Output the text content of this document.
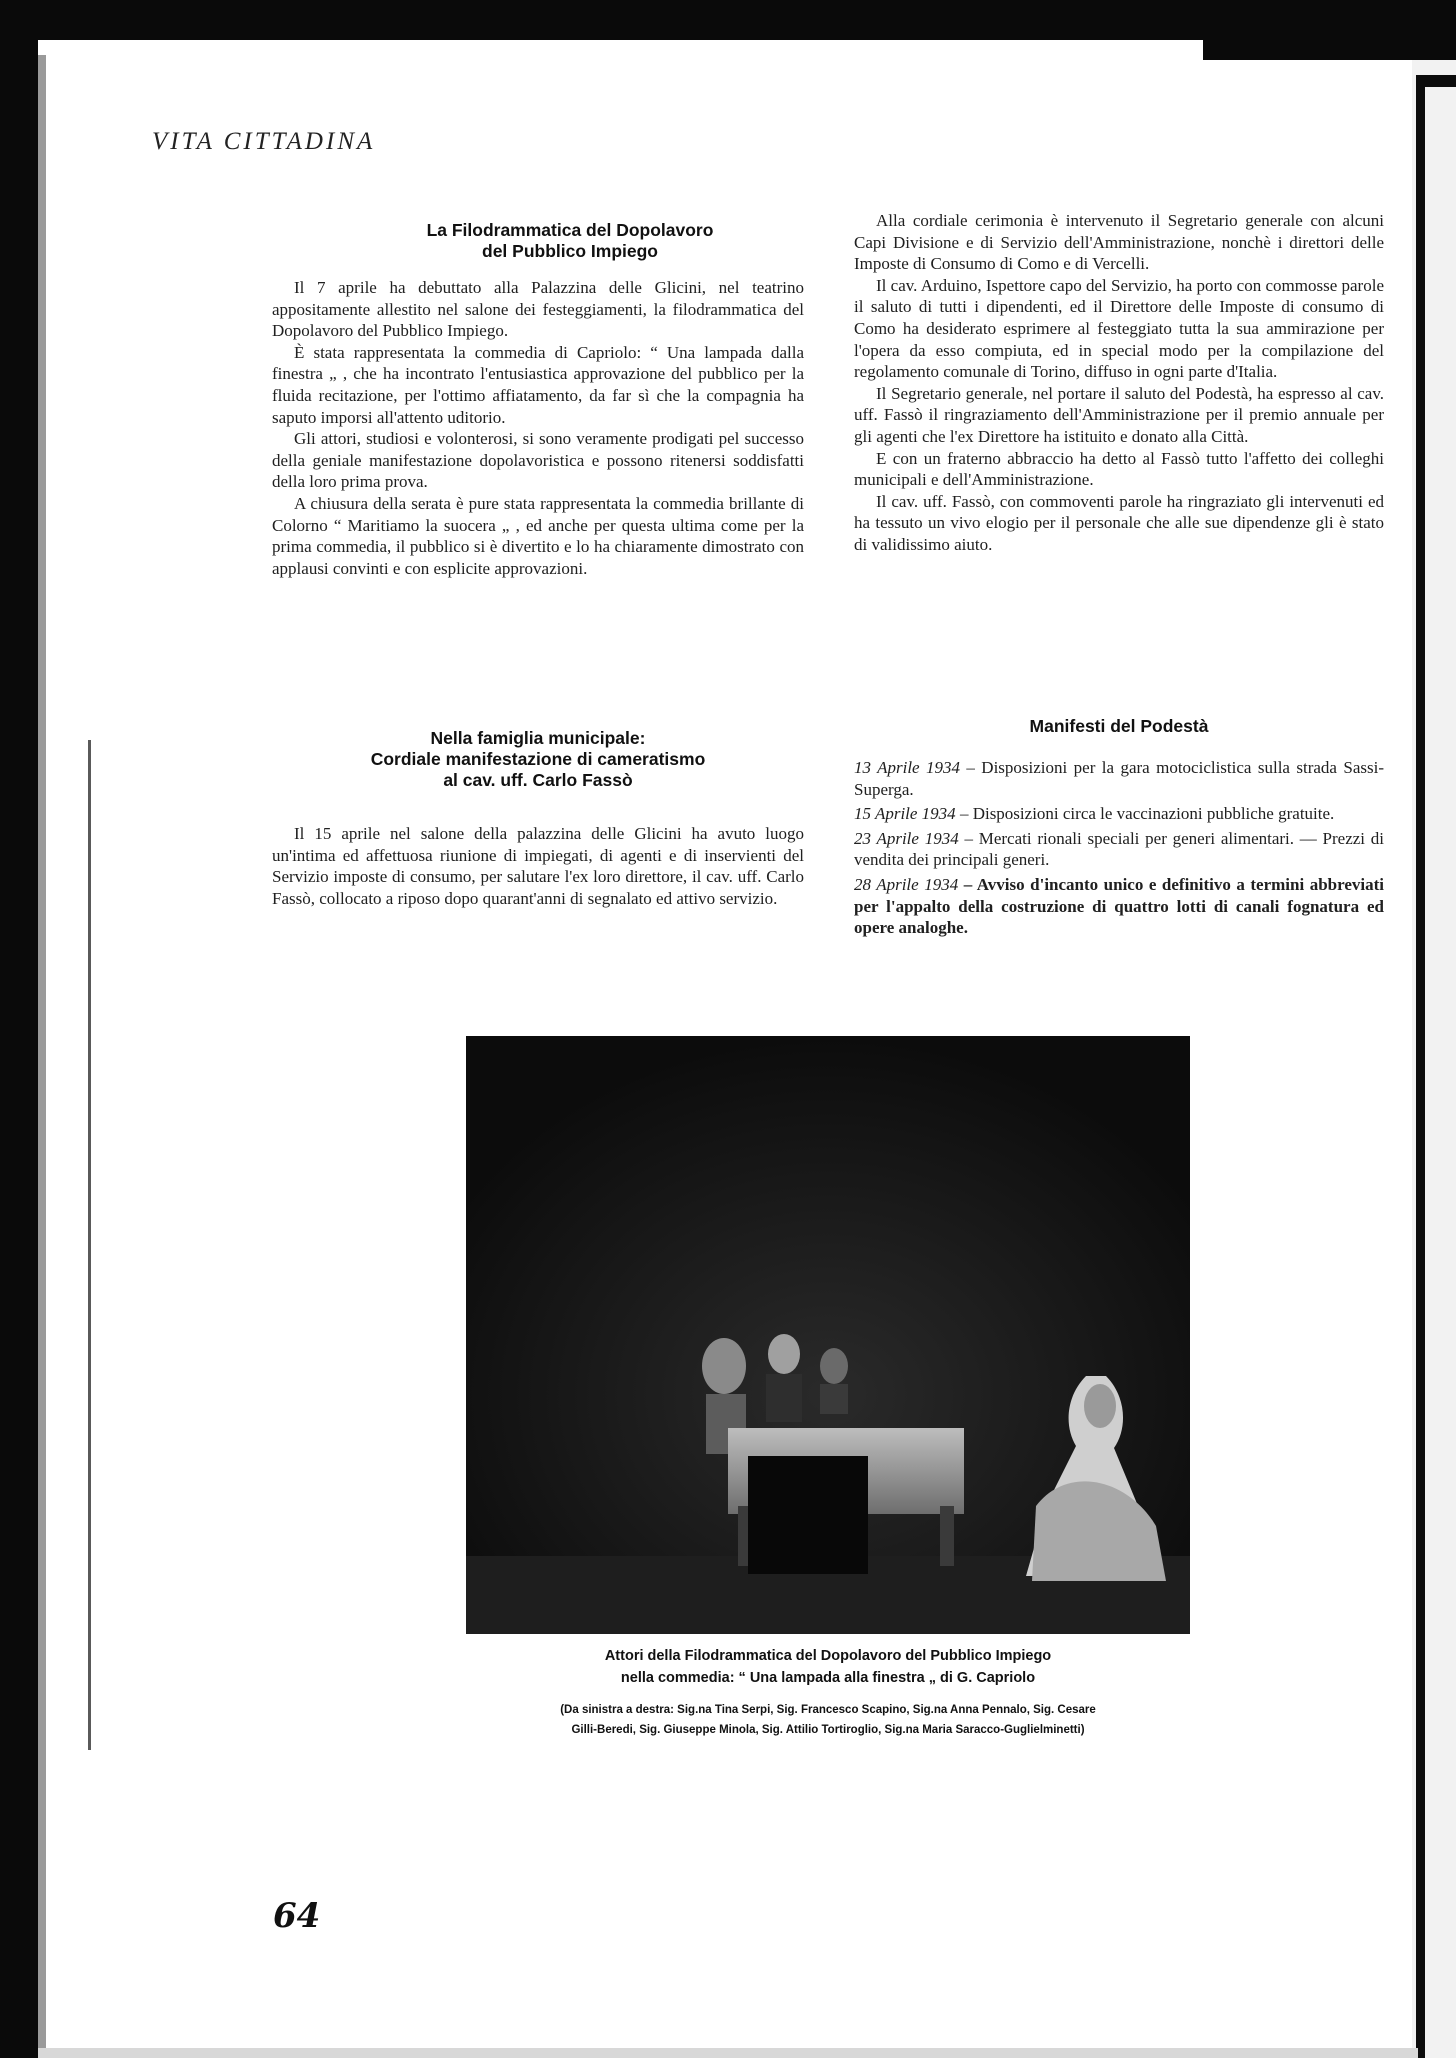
VITA CITTADINA

La Filodrammatica del Dopolavoro

del Pubblico Impiego

Il 7 aprile ha debuttato alla Palazzina delle Glicini, nel teatrino appositamente allestito nel salone dei festeggiamenti, la filodrammatica del Dopolavoro del Pubblico Impiego.

È stata rappresentata la commedia di Capriolo: “ Una lampada dalla finestra „ , che ha incontrato l'entusiastica approvazione del pubblico per la fluida recitazione, per l'ottimo affiatamento, da far sì che la compagnia ha saputo imporsi all'attento uditorio.

Gli attori, studiosi e volonterosi, si sono veramente prodigati pel successo della geniale manifestazione dopolavoristica e possono ritenersi soddisfatti della loro prima prova.

A chiusura della serata è pure stata rappresentata la commedia brillante di Colorno “ Maritiamo la suocera „ , ed anche per questa ultima come per la prima commedia, il pubblico si è divertito e lo ha chiaramente dimostrato con applausi convinti e con esplicite approvazioni.

Alla cordiale cerimonia è intervenuto il Segretario generale con alcuni Capi Divisione e di Servizio dell'Amministrazione, nonchè i direttori delle Imposte di Consumo di Como e di Vercelli.

Il cav. Arduino, Ispettore capo del Servizio, ha porto con commosse parole il saluto di tutti i dipendenti, ed il Direttore delle Imposte di consumo di Como ha desiderato esprimere al festeggiato tutta la sua ammirazione per l'opera da esso compiuta, ed in special modo per la compilazione del regolamento comunale di Torino, diffuso in ogni parte d'Italia.

Il Segretario generale, nel portare il saluto del Podestà, ha espresso al cav. uff. Fassò il ringraziamento dell'Amministrazione per il premio annuale per gli agenti che l'ex Direttore ha istituito e donato alla Città.

E con un fraterno abbraccio ha detto al Fassò tutto l'affetto dei colleghi municipali e dell'Amministrazione.

Il cav. uff. Fassò, con commoventi parole ha ringraziato gli intervenuti ed ha tessuto un vivo elogio per il personale che alle sue dipendenze gli è stato di validissimo aiuto.

Nella famiglia municipale:

Cordiale manifestazione di cameratismo

al cav. uff. Carlo Fassò

Il 15 aprile nel salone della palazzina delle Glicini ha avuto luogo un'intima ed affettuosa riunione di impiegati, di agenti e di inservienti del Servizio imposte di consumo, per salutare l'ex loro direttore, il cav. uff. Carlo Fassò, collocato a riposo dopo quarant'anni di segnalato ed attivo servizio.

Manifesti del Podestà

13 Aprile 1934 – Disposizioni per la gara motociclistica sulla strada Sassi-Superga.

15 Aprile 1934 – Disposizioni circa le vaccinazioni pubbliche gratuite.

23 Aprile 1934 – Mercati rionali speciali per generi alimentari. — Prezzi di vendita dei principali generi.

28 Aprile 1934 – Avviso d'incanto unico e definitivo a termini abbreviati per l'appalto della costruzione di quattro lotti di canali fognatura ed opere analoghe.

Attori della Filodrammatica del Dopolavoro del Pubblico Impiego
nella commedia: “ Una lampada alla finestra „ di G. Capriolo
(Da sinistra a destra: Sig.na Tina Serpi, Sig. Francesco Scapino, Sig.na Anna Pennalo, Sig. Cesare
Gilli-Beredi, Sig. Giuseppe Minola, Sig. Attilio Tortiroglio, Sig.na Maria Saracco-Guglielminetti)
64
